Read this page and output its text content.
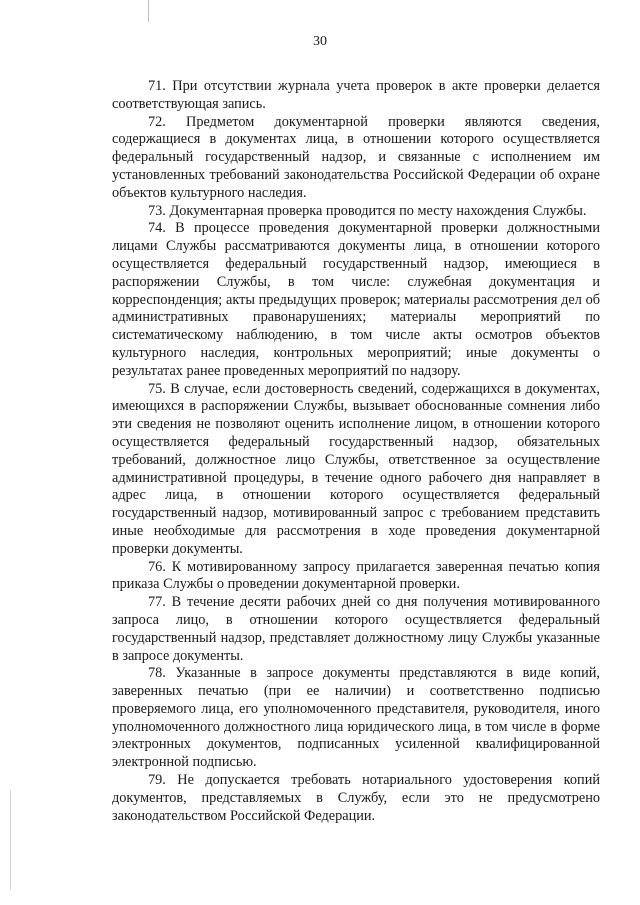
30

71. При отсутствии журнала учета проверок в акте проверки делается соответствующая запись.

72. Предметом документарной проверки являются сведения, содержащиеся в документах лица, в отношении которого осуществляется федеральный государственный надзор, и связанные с исполнением им установленных требований законодательства Российской Федерации об охране объектов культурного наследия.

73. Документарная проверка проводится по месту нахождения Службы.

74. В процессе проведения документарной проверки должностными лицами Службы рассматриваются документы лица, в отношении которого осуществляется федеральный государственный надзор, имеющиеся в распоряжении Службы, в том числе: служебная документация и корреспонденция; акты предыдущих проверок; материалы рассмотрения дел об административных правонарушениях; материалы мероприятий по систематическому наблюдению, в том числе акты осмотров объектов культурного наследия, контрольных мероприятий; иные документы о результатах ранее проведенных мероприятий по надзору.

75. В случае, если достоверность сведений, содержащихся в документах, имеющихся в распоряжении Службы, вызывает обоснованные сомнения либо эти сведения не позволяют оценить исполнение лицом, в отношении которого осуществляется федеральный государственный надзор, обязательных требований, должностное лицо Службы, ответственное за осуществление административной процедуры, в течение одного рабочего дня направляет в адрес лица, в отношении которого осуществляется федеральный государственный надзор, мотивированный запрос с требованием представить иные необходимые для рассмотрения в ходе проведения документарной проверки документы.

76. К мотивированному запросу прилагается заверенная печатью копия приказа Службы о проведении документарной проверки.

77. В течение десяти рабочих дней со дня получения мотивированного запроса лицо, в отношении которого осуществляется федеральный государственный надзор, представляет должностному лицу Службы указанные в запросе документы.

78. Указанные в запросе документы представляются в виде копий, заверенных печатью (при ее наличии) и соответственно подписью проверяемого лица, его уполномоченного представителя, руководителя, иного уполномоченного должностного лица юридического лица, в том числе в форме электронных документов, подписанных усиленной квалифицированной электронной подписью.

79. Не допускается требовать нотариального удостоверения копий документов, представляемых в Службу, если это не предусмотрено законодательством Российской Федерации.
